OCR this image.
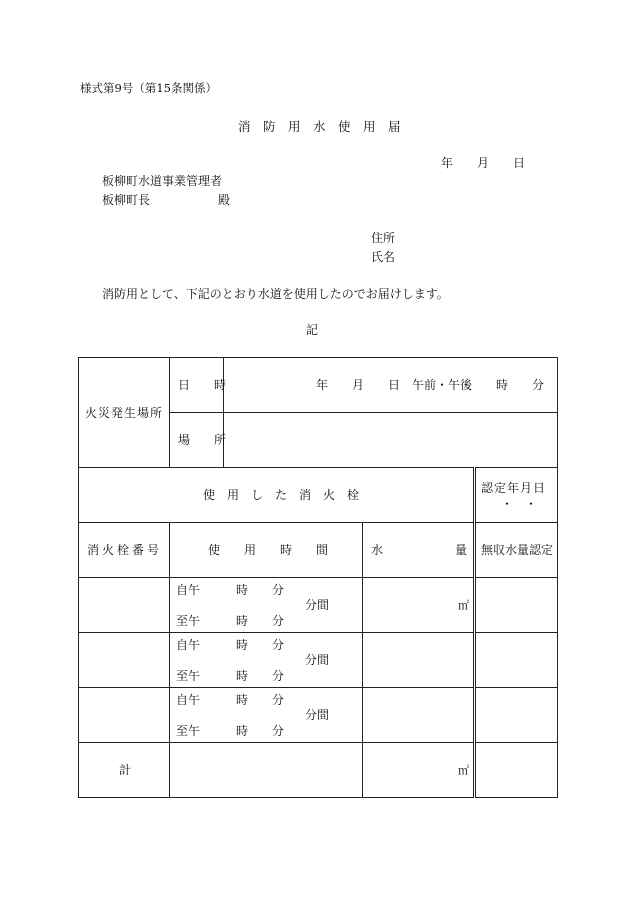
様式第9号（第15条関係）
消　防　用　水　使　用　届
年　　月　　日
板柳町水道事業管理者
板柳町長	殿
住所
氏名
消防用として、下記のとおり水道を使用したのでお届けします。
記
火災発生場所	日　　時	年　　月　　日　午前・午後　　時　　分		

	場　　所			

使　用　し　た　消　火　栓				認定年月日
・　・

消火栓番号	使　　用　　時　　間		水 量	無収水量認定

	自午　　　時　　分
分間
至午　　　時　　分		㎡	

	自午　　　時　　分
分間
至午　　　時　　分			

	自午　　　時　　分
分間
至午　　　時　　分			

計			㎡	
